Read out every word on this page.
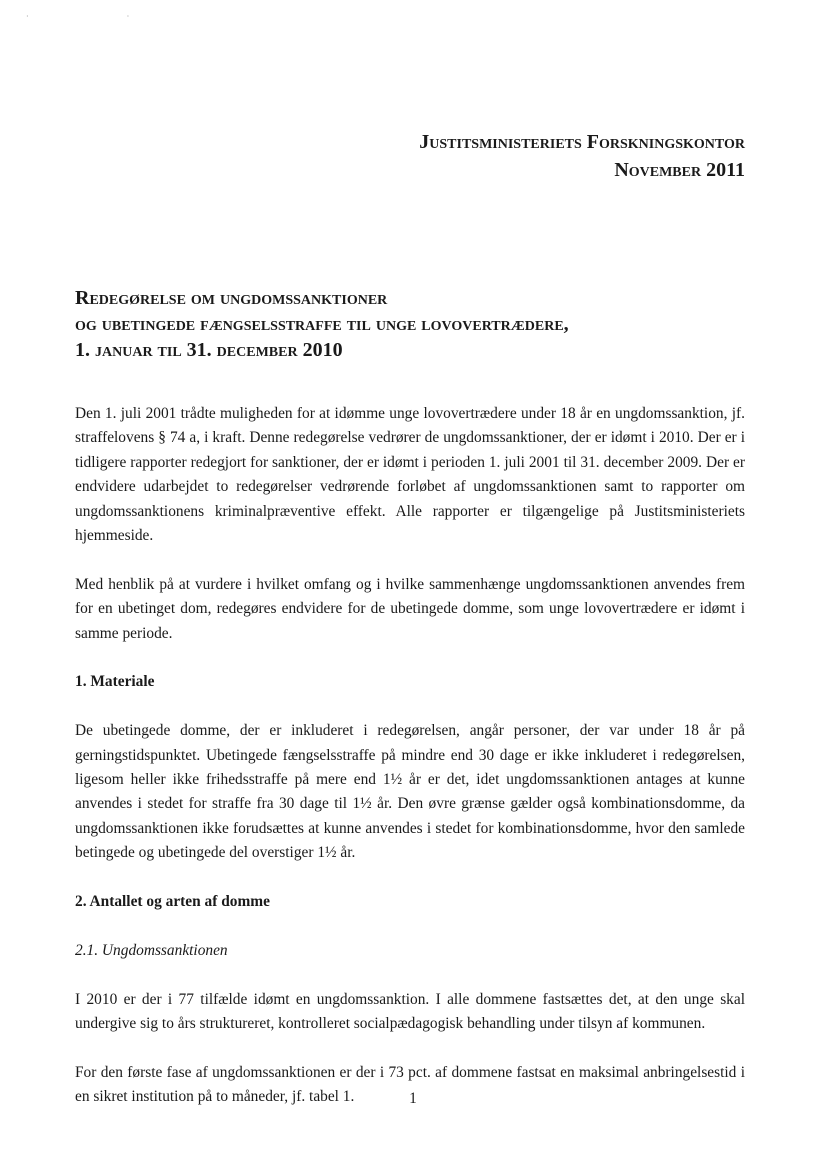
· ·
Justitsministeriets Forskningskontor
November 2011
Redegørelse om ungdomssanktioner
og ubetingede fængselsstraffe til unge lovovertrædere,
1. januar til 31. december 2010

Den 1. juli 2001 trådte muligheden for at idømme unge lovovertrædere under 18 år en ungdomssanktion, jf. straffelovens § 74 a, i kraft. Denne redegørelse vedrører de ungdomssanktioner, der er idømt i 2010. Der er i tidligere rapporter redegjort for sanktioner, der er idømt i perioden 1. juli 2001 til 31. december 2009. Der er endvidere udarbejdet to redegørelser vedrørende forløbet af ungdomssanktionen samt to rapporter om ungdomssanktionens kriminalpræventive effekt. Alle rapporter er tilgængelige på Justitsministeriets hjemmeside.

Med henblik på at vurdere i hvilket omfang og i hvilke sammenhænge ungdomssanktionen anvendes frem for en ubetinget dom, redegøres endvidere for de ubetingede domme, som unge lovovertrædere er idømt i samme periode.

1. Materiale

De ubetingede domme, der er inkluderet i redegørelsen, angår personer, der var under 18 år på gerningstidspunktet. Ubetingede fængselsstraffe på mindre end 30 dage er ikke inkluderet i redegørelsen, ligesom heller ikke frihedsstraffe på mere end 1½ år er det, idet ungdomssanktionen antages at kunne anvendes i stedet for straffe fra 30 dage til 1½ år. Den øvre grænse gælder også kombinationsdomme, da ungdomssanktionen ikke forudsættes at kunne anvendes i stedet for kombinationsdomme, hvor den samlede betingede og ubetingede del overstiger 1½ år.

2. Antallet og arten af domme

2.1. Ungdomssanktionen

I 2010 er der i 77 tilfælde idømt en ungdomssanktion. I alle dommene fastsættes det, at den unge skal undergive sig to års struktureret, kontrolleret socialpædagogisk behandling under tilsyn af kommunen.

For den første fase af ungdomssanktionen er der i 73 pct. af dommene fastsat en maksimal anbringelsestid i en sikret institution på to måneder, jf. tabel 1.	1
